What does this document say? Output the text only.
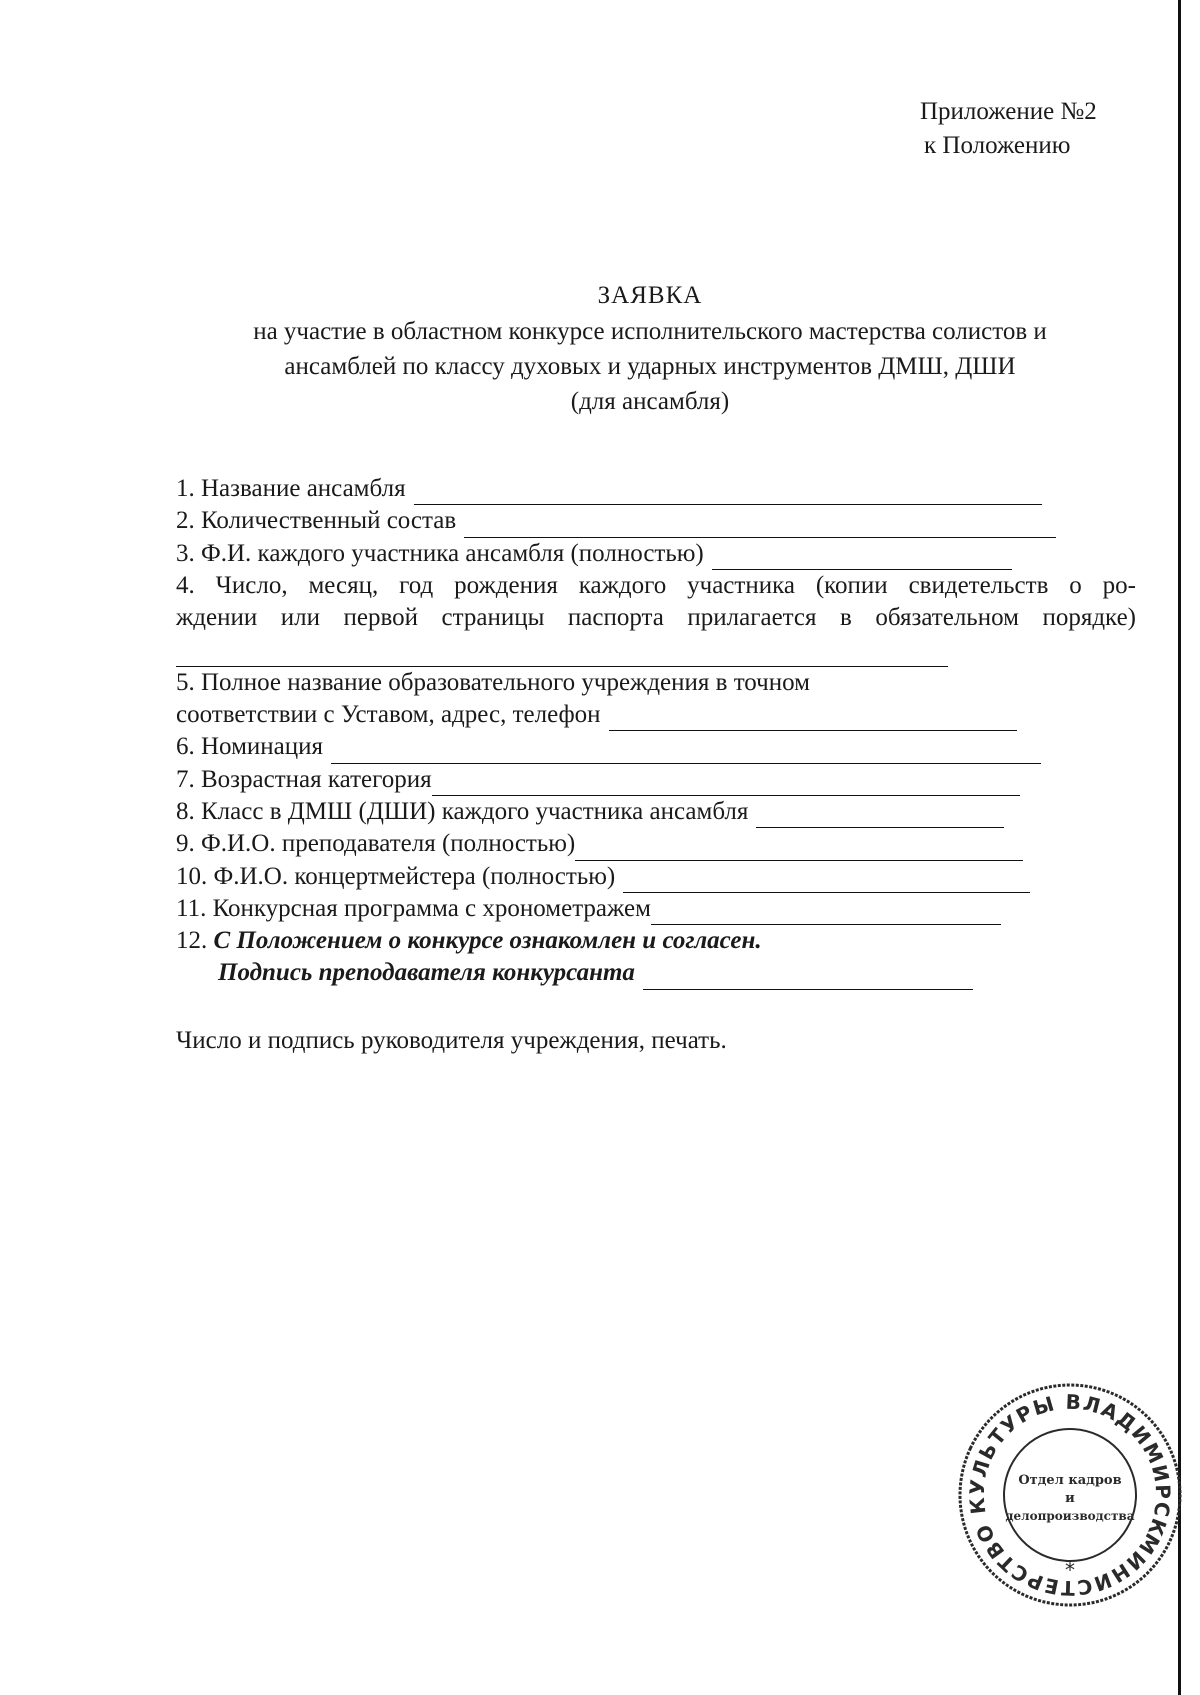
Приложение №2
к Положению
ЗАЯВКА
на участие в областном конкурсе исполнительского мастерства солистов и
ансамблей по классу духовых и ударных инструментов ДМШ, ДШИ
(для ансамбля)
1. Название ансамбля
2. Количественный состав
3. Ф.И. каждого участника ансамбля (полностью)
4. Число, месяц, год рождения каждого участника (копии свидетельств о ро-
ждении или первой страницы паспорта прилагается в обязательном порядке)
5. Полное название образовательного учреждения в точном
соответствии с Уставом, адрес, телефон
6. Номинация
7. Возрастная категория
8. Класс в ДМШ (ДШИ) каждого участника ансамбля
9. Ф.И.О. преподавателя (полностью)
10. Ф.И.О. концертмейстера (полностью)
11. Конкурсная программа с хронометражем
12.
С Положением о конкурсе ознакомлен и согласен.
Подпись преподавателя конкурсанта
Число и подпись руководителя учреждения, печать.
МИНИСТЕРСТВО КУЛЬТУРЫ ВЛАДИМИРСКОЙ
*
Отдел кадров
и
делопроизводства
